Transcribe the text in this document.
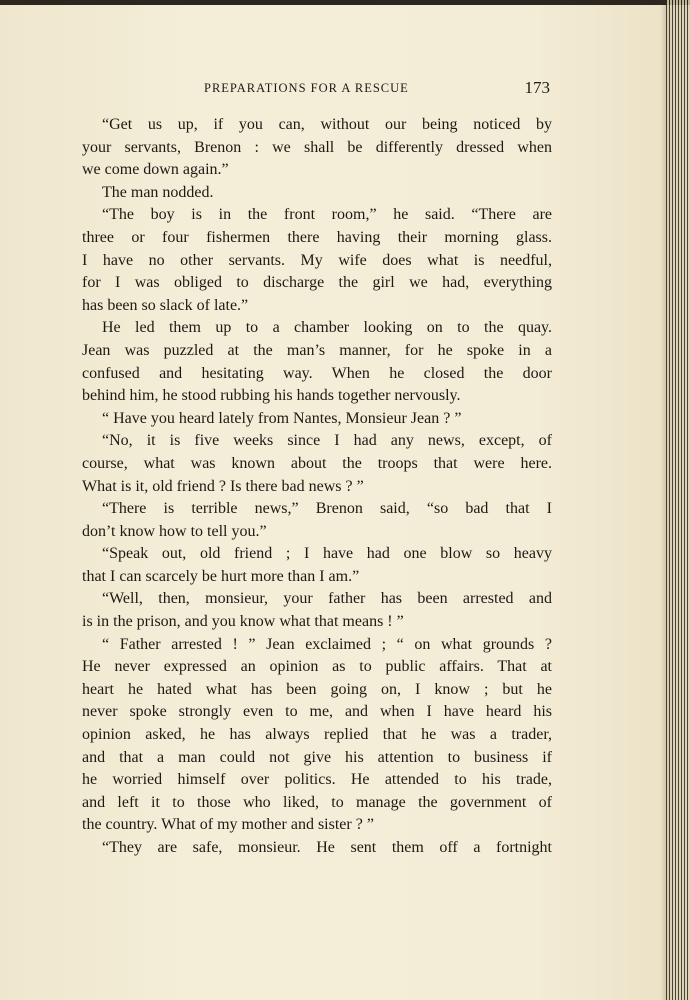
PREPARATIONS FOR A RESCUE	173
“Get us up, if you can, without our being noticed by
your servants, Brenon : we shall be differently dressed when
we come down again.”
The man nodded.
“The boy is in the front room,” he said. “There are
three or four fishermen there having their morning glass.
I have no other servants. My wife does what is needful,
for I was obliged to discharge the girl we had, everything
has been so slack of late.”
He led them up to a chamber looking on to the quay.
Jean was puzzled at the man’s manner, for he spoke in a
confused and hesitating way. When he closed the door
behind him, he stood rubbing his hands together nervously.
“ Have you heard lately from Nantes, Monsieur Jean ? ”
“No, it is five weeks since I had any news, except, of
course, what was known about the troops that were here.
What is it, old friend ? Is there bad news ? ”
“There is terrible news,” Brenon said, “so bad that I
don’t know how to tell you.”
“Speak out, old friend ; I have had one blow so heavy
that I can scarcely be hurt more than I am.”
“Well, then, monsieur, your father has been arrested and
is in the prison, and you know what that means ! ”
“ Father arrested ! ” Jean exclaimed ; “ on what grounds ?
He never expressed an opinion as to public affairs. That at
heart he hated what has been going on, I know ; but he
never spoke strongly even to me, and when I have heard his
opinion asked, he has always replied that he was a trader,
and that a man could not give his attention to business if
he worried himself over politics. He attended to his trade,
and left it to those who liked, to manage the government of
the country. What of my mother and sister ? ”
“They are safe, monsieur. He sent them off a fortnight
